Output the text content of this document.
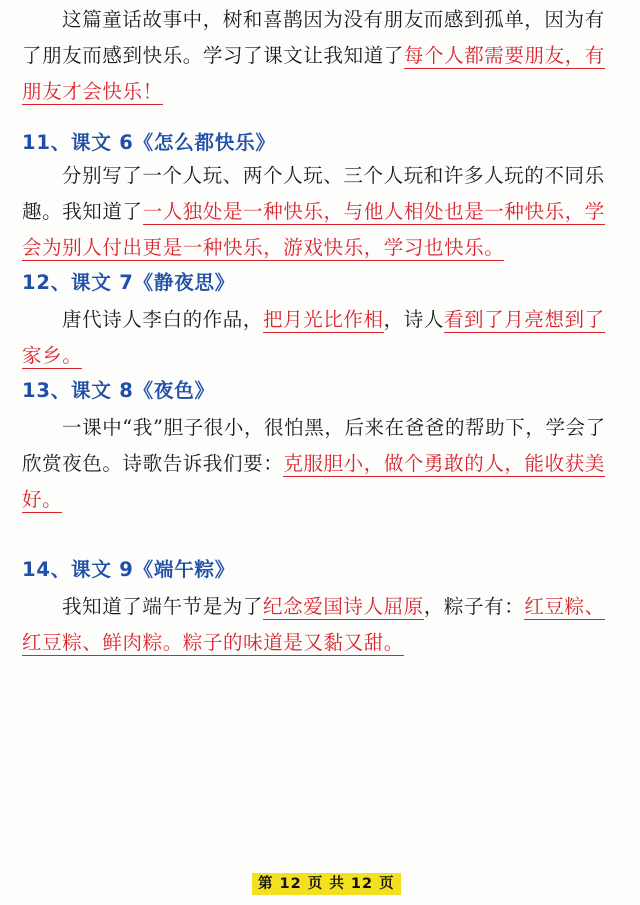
这篇童话故事中，树和喜鹊因为没有朋友而感到孤单，因为有了朋友而感到快乐。学习了课文让我知道了每个人都需要朋友，有朋友才会快乐！

11、课文 6《怎么都快乐》

分别写了一个人玩、两个人玩、三个人玩和许多人玩的不同乐趣。我知道了一人独处是一种快乐，与他人相处也是一种快乐，学会为别人付出更是一种快乐，游戏快乐，学习也快乐。

12、课文 7《静夜思》

唐代诗人李白的作品，把月光比作相，诗人看到了月亮想到了家乡。

13、课文 8《夜色》

一课中“我”胆子很小，很怕黑，后来在爸爸的帮助下，学会了欣赏夜色。诗歌告诉我们要：克服胆小，做个勇敢的人，能收获美好。

14、课文 9《端午粽》

我知道了端午节是为了纪念爱国诗人屈原，粽子有：红豆粽、红豆粽、鲜肉粽。粽子的味道是又黏又甜。

第 12 页 共 12 页
